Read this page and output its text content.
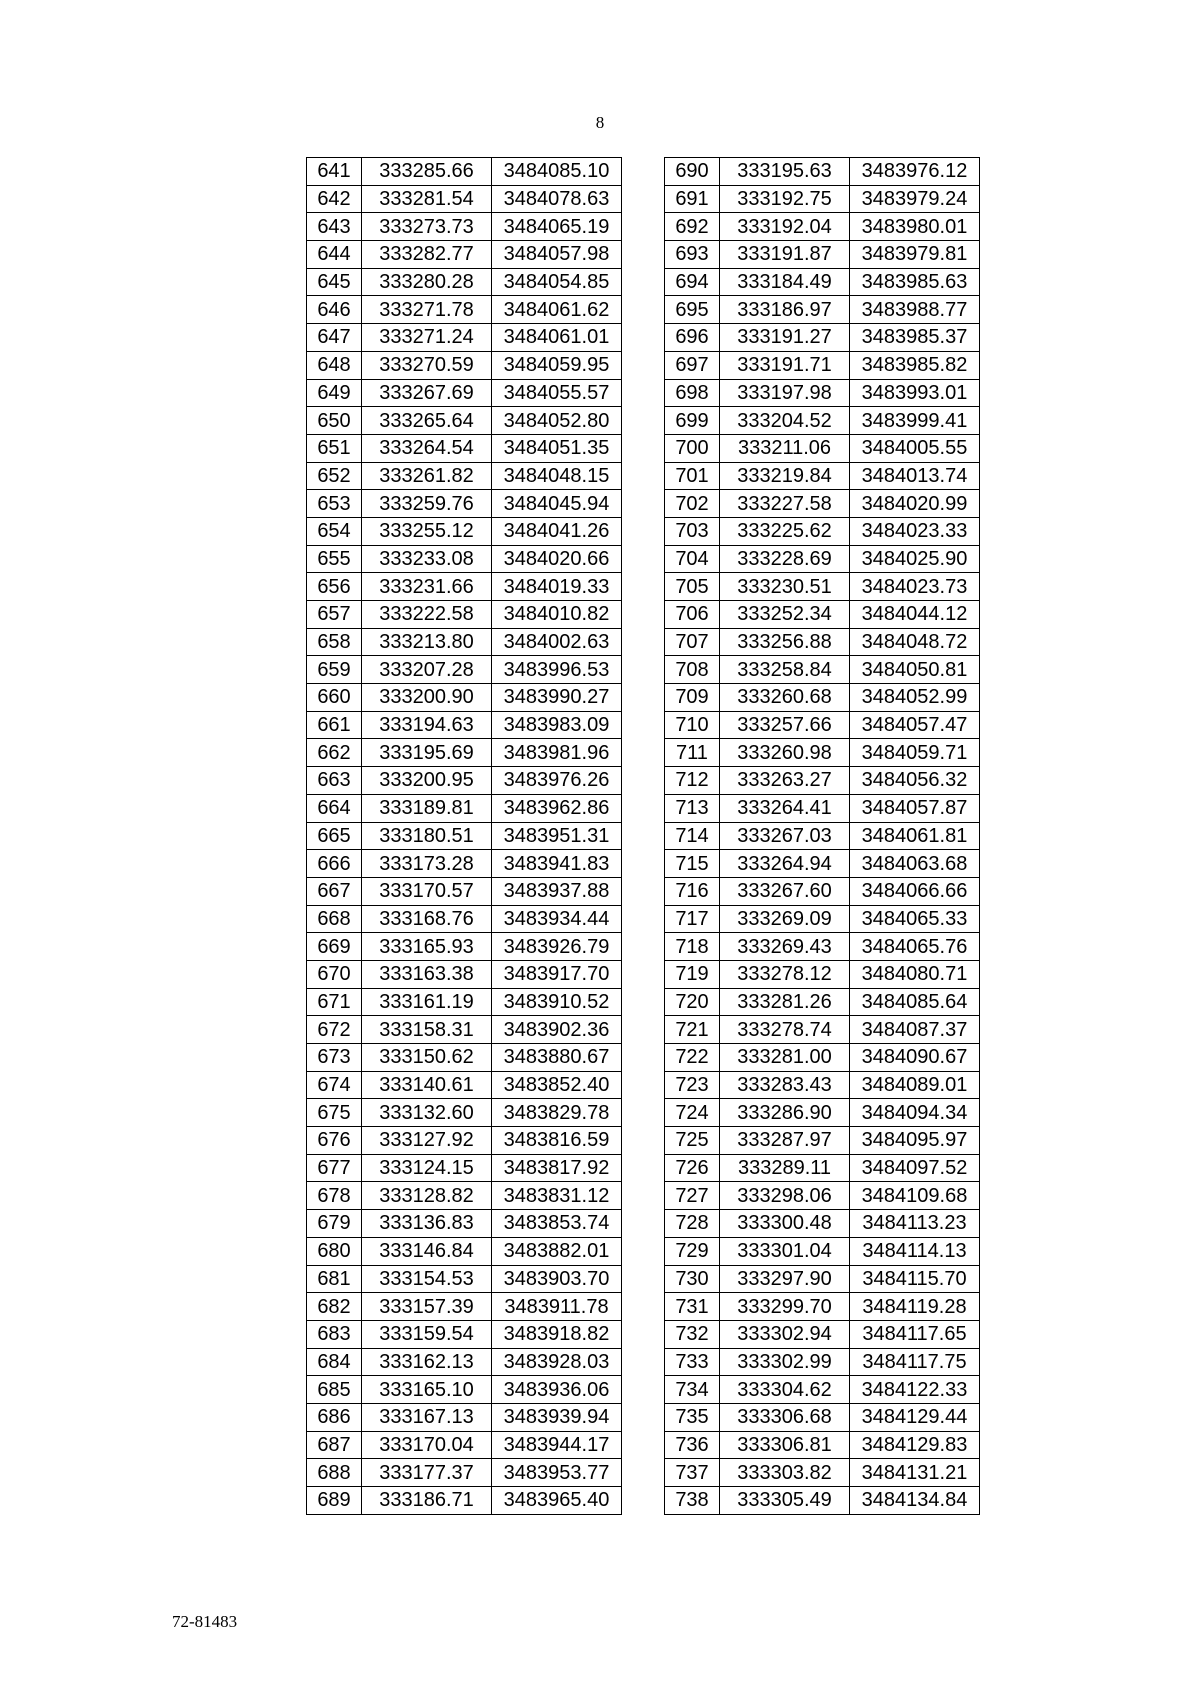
8
641	333285.66	3484085.10
642	333281.54	3484078.63
643	333273.73	3484065.19
644	333282.77	3484057.98
645	333280.28	3484054.85
646	333271.78	3484061.62
647	333271.24	3484061.01
648	333270.59	3484059.95
649	333267.69	3484055.57
650	333265.64	3484052.80
651	333264.54	3484051.35
652	333261.82	3484048.15
653	333259.76	3484045.94
654	333255.12	3484041.26
655	333233.08	3484020.66
656	333231.66	3484019.33
657	333222.58	3484010.82
658	333213.80	3484002.63
659	333207.28	3483996.53
660	333200.90	3483990.27
661	333194.63	3483983.09
662	333195.69	3483981.96
663	333200.95	3483976.26
664	333189.81	3483962.86
665	333180.51	3483951.31
666	333173.28	3483941.83
667	333170.57	3483937.88
668	333168.76	3483934.44
669	333165.93	3483926.79
670	333163.38	3483917.70
671	333161.19	3483910.52
672	333158.31	3483902.36
673	333150.62	3483880.67
674	333140.61	3483852.40
675	333132.60	3483829.78
676	333127.92	3483816.59
677	333124.15	3483817.92
678	333128.82	3483831.12
679	333136.83	3483853.74
680	333146.84	3483882.01
681	333154.53	3483903.70
682	333157.39	3483911.78
683	333159.54	3483918.82
684	333162.13	3483928.03
685	333165.10	3483936.06
686	333167.13	3483939.94
687	333170.04	3483944.17
688	333177.37	3483953.77
689	333186.71	3483965.40
690	333195.63	3483976.12
691	333192.75	3483979.24
692	333192.04	3483980.01
693	333191.87	3483979.81
694	333184.49	3483985.63
695	333186.97	3483988.77
696	333191.27	3483985.37
697	333191.71	3483985.82
698	333197.98	3483993.01
699	333204.52	3483999.41
700	333211.06	3484005.55
701	333219.84	3484013.74
702	333227.58	3484020.99
703	333225.62	3484023.33
704	333228.69	3484025.90
705	333230.51	3484023.73
706	333252.34	3484044.12
707	333256.88	3484048.72
708	333258.84	3484050.81
709	333260.68	3484052.99
710	333257.66	3484057.47
711	333260.98	3484059.71
712	333263.27	3484056.32
713	333264.41	3484057.87
714	333267.03	3484061.81
715	333264.94	3484063.68
716	333267.60	3484066.66
717	333269.09	3484065.33
718	333269.43	3484065.76
719	333278.12	3484080.71
720	333281.26	3484085.64
721	333278.74	3484087.37
722	333281.00	3484090.67
723	333283.43	3484089.01
724	333286.90	3484094.34
725	333287.97	3484095.97
726	333289.11	3484097.52
727	333298.06	3484109.68
728	333300.48	3484113.23
729	333301.04	3484114.13
730	333297.90	3484115.70
731	333299.70	3484119.28
732	333302.94	3484117.65
733	333302.99	3484117.75
734	333304.62	3484122.33
735	333306.68	3484129.44
736	333306.81	3484129.83
737	333303.82	3484131.21
738	333305.49	3484134.84
72-81483
